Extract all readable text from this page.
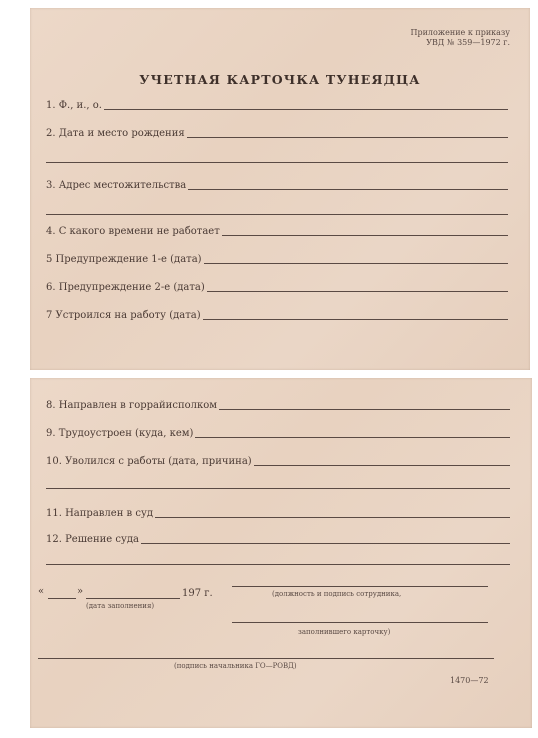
Приложение к приказу
УВД № 359—1972 г.
УЧЕТНАЯ КАРТОЧКА ТУНЕЯДЦА
1. Ф., и., о.
2. Дата и место рождения
3. Адрес местожительства
4. С какого времени не работает
5 Предупреждение 1-е (дата)
6. Предупреждение 2-е (дата)
7 Устроился на работу (дата)
8. Направлен в горрайисполком
9. Трудоустроен (куда, кем)
10. Уволился с работы (дата, причина)
11. Направлен в суд
12. Решение суда
«	»	197 г.
(дата заполнения)
(должность и подпись сотрудника,
заполнившего карточку)
(подпись начальника ГО—РОВД)
1470—72
